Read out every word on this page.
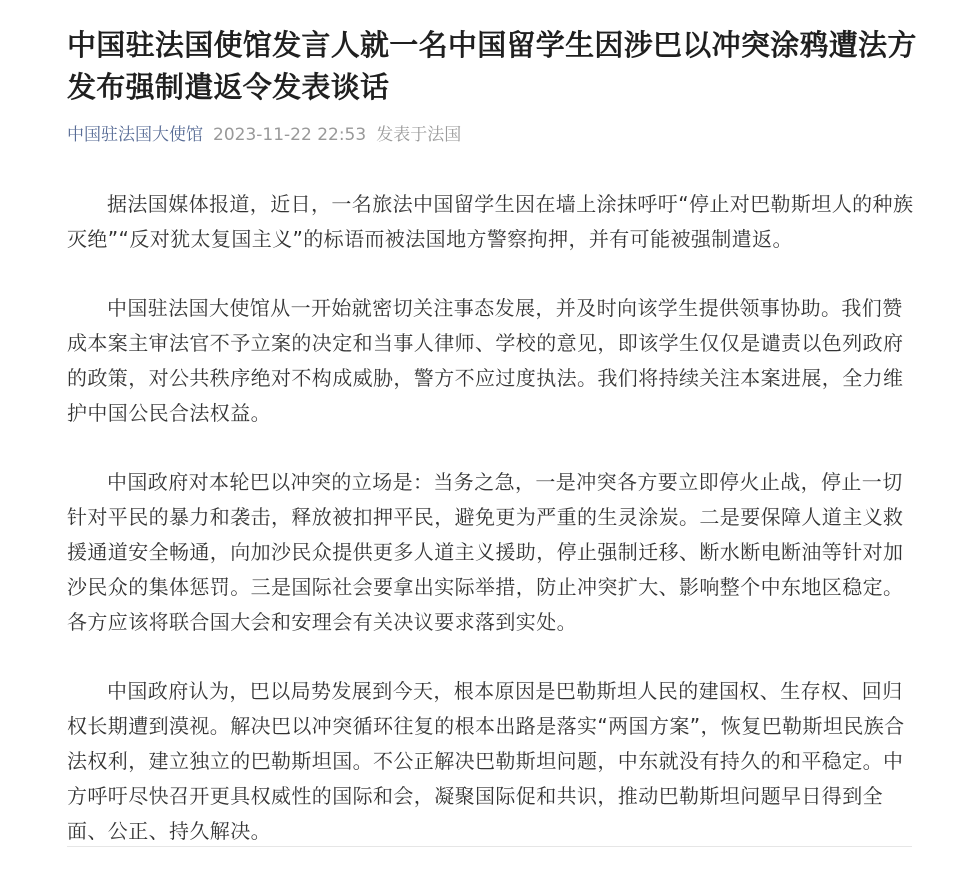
中国驻法国使馆发言人就一名中国留学生因涉巴以冲突涂鸦遭法方发布强制遣返令发表谈话
中国驻法国大使馆 2023-11-22 22:53 发表于法国

据法国媒体报道，近日，一名旅法中国留学生因在墙上涂抹呼吁“停止对巴勒斯坦人的种族灭绝”“反对犹太复国主义”的标语而被法国地方警察拘押，并有可能被强制遣返。

中国驻法国大使馆从一开始就密切关注事态发展，并及时向该学生提供领事协助。我们赞成本案主审法官不予立案的决定和当事人律师、学校的意见，即该学生仅仅是谴责以色列政府的政策，对公共秩序绝对不构成威胁，警方不应过度执法。我们将持续关注本案进展，全力维护中国公民合法权益。

中国政府对本轮巴以冲突的立场是：当务之急，一是冲突各方要立即停火止战，停止一切针对平民的暴力和袭击，释放被扣押平民，避免更为严重的生灵涂炭。二是要保障人道主义救援通道安全畅通，向加沙民众提供更多人道主义援助，停止强制迁移、断水断电断油等针对加沙民众的集体惩罚。三是国际社会要拿出实际举措，防止冲突扩大、影响整个中东地区稳定。各方应该将联合国大会和安理会有关决议要求落到实处。

中国政府认为，巴以局势发展到今天，根本原因是巴勒斯坦人民的建国权、生存权、回归权长期遭到漠视。解决巴以冲突循环往复的根本出路是落实“两国方案”，恢复巴勒斯坦民族合法权利，建立独立的巴勒斯坦国。不公正解决巴勒斯坦问题，中东就没有持久的和平稳定。中方呼吁尽快召开更具权威性的国际和会，凝聚国际促和共识，推动巴勒斯坦问题早日得到全面、公正、持久解决。
